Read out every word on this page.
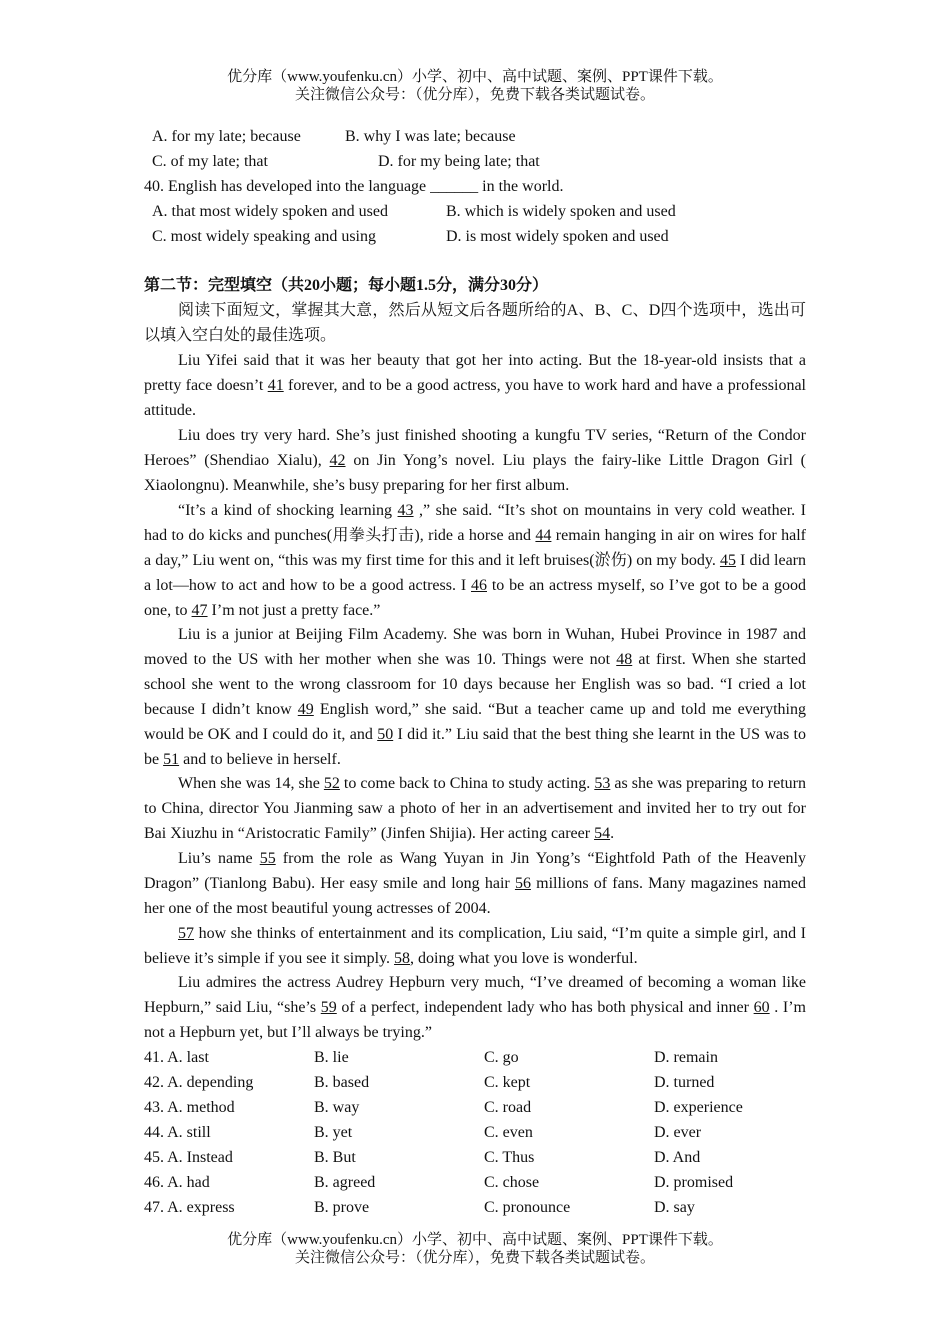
优分库（www.youfenku.cn）小学、初中、高中试题、案例、PPT课件下载。
关注微信公众号：（优分库），免费下载各类试题试卷。
A. for my late; because	B. why I was late; because
C. of my late; that	D. for my being late; that
40. English has developed into the language ______ in the world.
A. that most widely spoken and used	B. which is widely spoken and used
C. most widely speaking and using	D. is most widely spoken and used
第二节：完型填空（共20小题；每小题1.5分，满分30分）
阅读下面短文，掌握其大意，然后从短文后各题所给的A、B、C、D四个选项中，选出可以填入空白处的最佳选项。
Liu Yifei said that it was her beauty that got her into acting. But the 18-year-old insists that a pretty face doesn’t 41 forever, and to be a good actress, you have to work hard and have a professional attitude.
Liu does try very hard. She’s just finished shooting a kungfu TV series, “Return of the Condor Heroes” (Shendiao Xialu), 42 on Jin Yong’s novel. Liu plays the fairy-like Little Dragon Girl ( Xiaolongnu). Meanwhile, she’s busy preparing for her first album.
“It’s a kind of shocking learning 43 ,” she said. “It’s shot on mountains in very cold weather. I had to do kicks and punches(用拳头打击), ride a horse and 44 remain hanging in air on wires for half a day,” Liu went on, “this was my first time for this and it left bruises(淤伤) on my body. 45 I did learn a lot—how to act and how to be a good actress. I 46 to be an actress myself, so I’ve got to be a good one, to 47 I’m not just a pretty face.”
Liu is a junior at Beijing Film Academy. She was born in Wuhan, Hubei Province in 1987 and moved to the US with her mother when she was 10. Things were not 48 at first. When she started school she went to the wrong classroom for 10 days because her English was so bad. “I cried a lot because I didn’t know 49 English word,” she said. “But a teacher came up and told me everything would be OK and I could do it, and 50 I did it.” Liu said that the best thing she learnt in the US was to be 51 and to believe in herself.
When she was 14, she 52 to come back to China to study acting. 53 as she was preparing to return to China, director You Jianming saw a photo of her in an advertisement and invited her to try out for Bai Xiuzhu in “Aristocratic Family” (Jinfen Shijia). Her acting career 54.
Liu’s name 55 from the role as Wang Yuyan in Jin Yong’s “Eightfold Path of the Heavenly Dragon” (Tianlong Babu). Her easy smile and long hair 56 millions of fans. Many magazines named her one of the most beautiful young actresses of 2004.
57 how she thinks of entertainment and its complication, Liu said, “I’m quite a simple girl, and I believe it’s simple if you see it simply. 58, doing what you love is wonderful.
Liu admires the actress Audrey Hepburn very much, “I’ve dreamed of becoming a woman like Hepburn,” said Liu, “she’s 59 of a perfect, independent lady who has both physical and inner 60 . I’m not a Hepburn yet, but I’ll always be trying.”
41. A. last	B. lie	C. go	D. remain
42. A. depending	B. based	C. kept	D. turned
43. A. method	B. way	C. road	D. experience
44. A. still	B. yet	C. even	D. ever
45. A. Instead	B. But	C. Thus	D. And
46. A. had	B. agreed	C. chose	D. promised
47. A. express	B. prove	C. pronounce	D. say
优分库（www.youfenku.cn）小学、初中、高中试题、案例、PPT课件下载。
关注微信公众号：（优分库），免费下载各类试题试卷。
